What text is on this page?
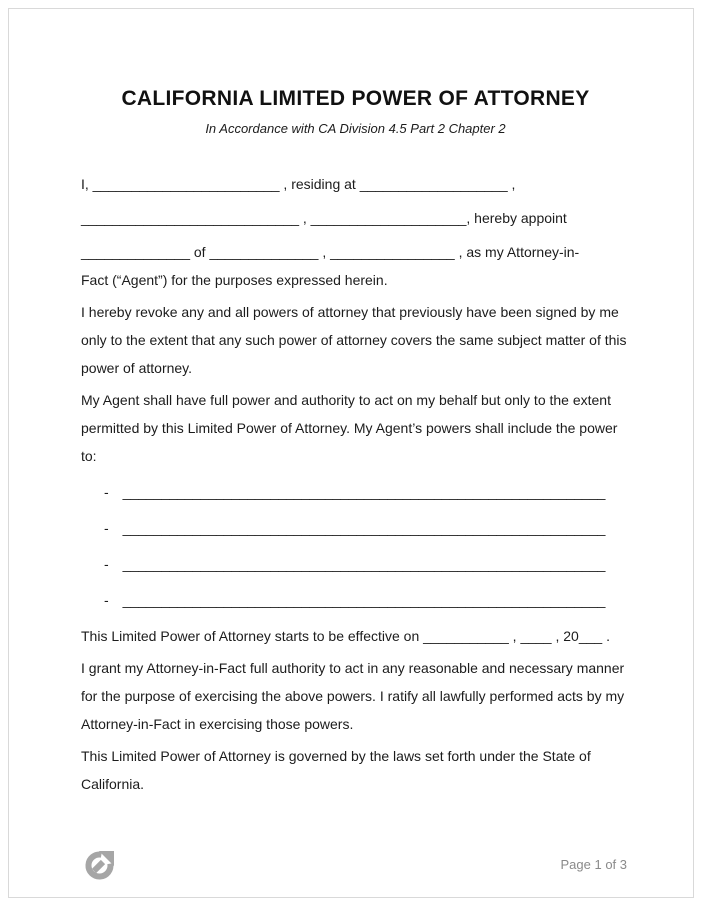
CALIFORNIA LIMITED POWER OF ATTORNEY
In Accordance with CA Division 4.5 Part 2 Chapter 2
I, ________________________ , residing at ___________________ ,
____________________________ , ____________________, hereby appoint
______________ of ______________ , ________________ , as my Attorney-in-
Fact (“Agent”) for the purposes expressed herein.

I hereby revoke any and all powers of attorney that previously have been signed by me only to the extent that any such power of attorney covers the same subject matter of this power of attorney.

My Agent shall have full power and authority to act on my behalf but only to the extent permitted by this Limited Power of Attorney. My Agent’s powers shall include the power to:

- ______________________________________________________________
- ______________________________________________________________
- ______________________________________________________________
- ______________________________________________________________

This Limited Power of Attorney starts to be effective on ___________ , ____ , 20___ .

I grant my Attorney-in-Fact full authority to act in any reasonable and necessary manner for the purpose of exercising the above powers. I ratify all lawfully performed acts by my Attorney-in-Fact in exercising those powers.

This Limited Power of Attorney is governed by the laws set forth under the State of California.

Page 1 of 3
